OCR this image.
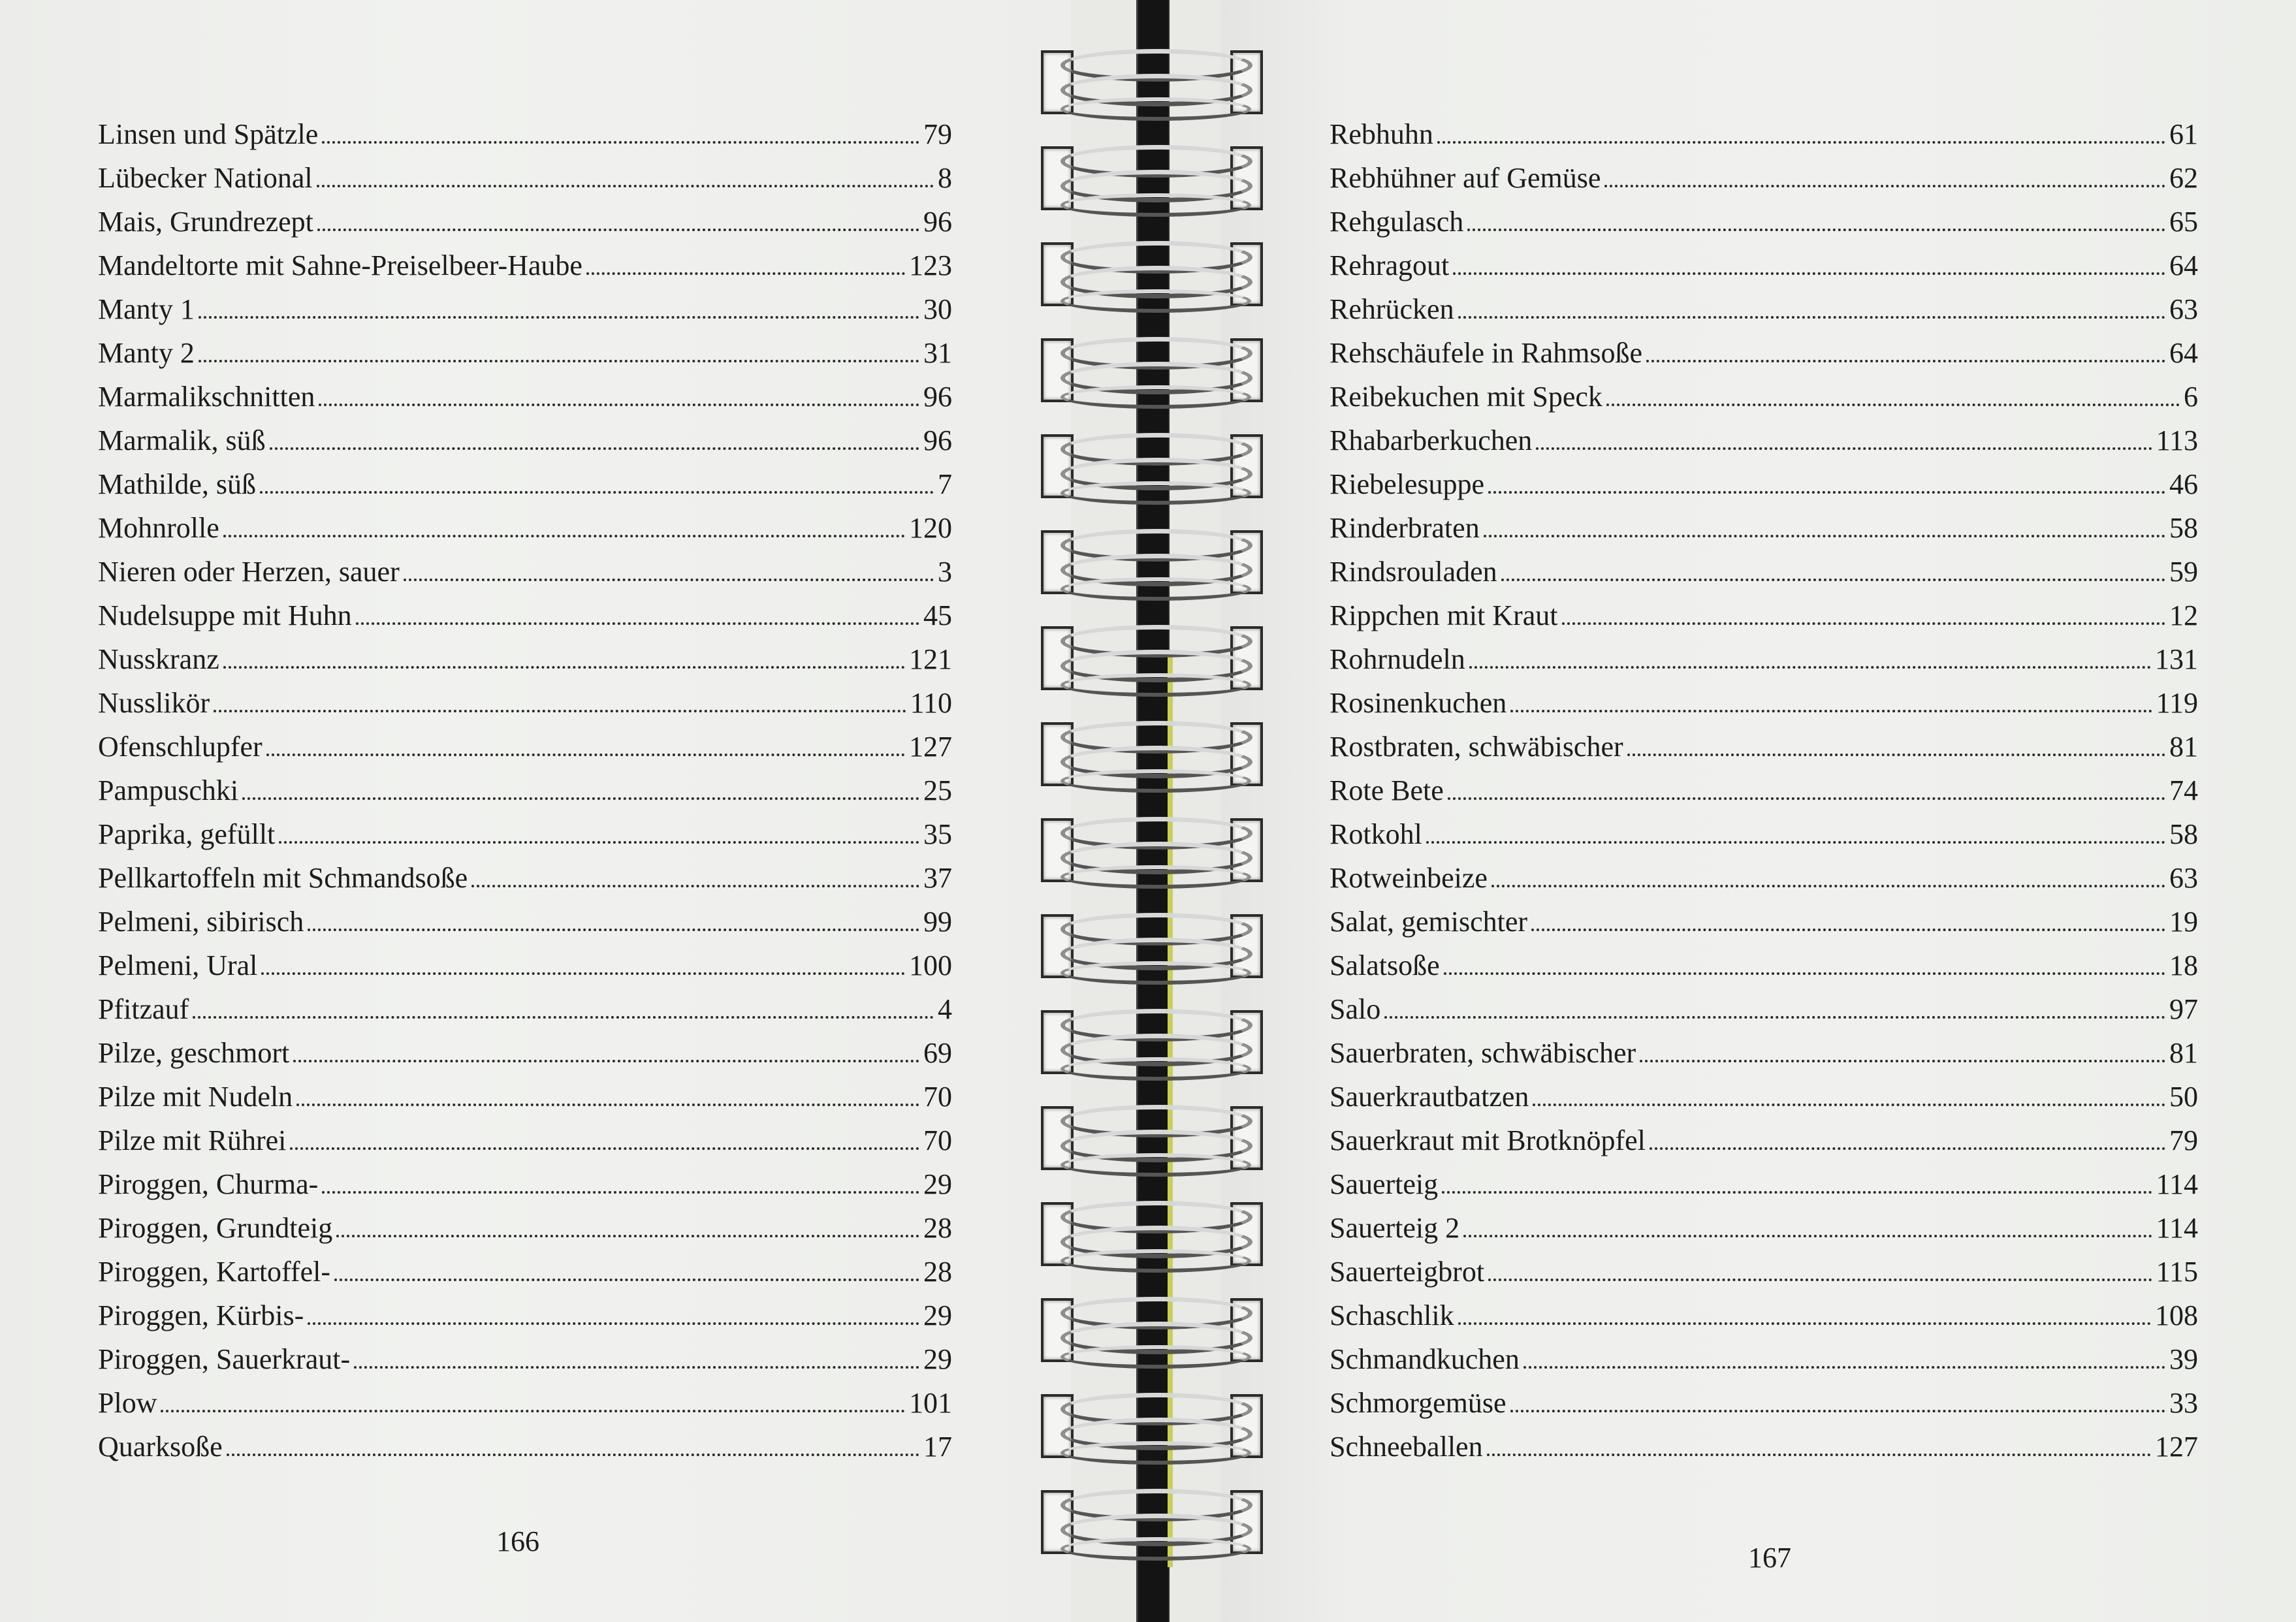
Linsen und Spätzle	79
Lübecker National	8
Mais, Grundrezept	96
Mandeltorte mit Sahne-Preiselbeer-Haube	123
Manty 1	30
Manty 2	31
Marmalikschnitten	96
Marmalik, süß	96
Mathilde, süß	7
Mohnrolle	120
Nieren oder Herzen, sauer	3
Nudelsuppe mit Huhn	45
Nusskranz	121
Nusslikör	110
Ofenschlupfer	127
Pampuschki	25
Paprika, gefüllt	35
Pellkartoffeln mit Schmandsoße	37
Pelmeni, sibirisch	99
Pelmeni, Ural	100
Pfitzauf	4
Pilze, geschmort	69
Pilze mit Nudeln	70
Pilze mit Rührei	70
Piroggen, Churma-	29
Piroggen, Grundteig	28
Piroggen, Kartoffel-	28
Piroggen, Kürbis-	29
Piroggen, Sauerkraut-	29
Plow	101
Quarksoße	17
166
Rebhuhn	61
Rebhühner auf Gemüse	62
Rehgulasch	65
Rehragout	64
Rehrücken	63
Rehschäufele in Rahmsoße	64
Reibekuchen mit Speck	6
Rhabarberkuchen	113
Riebelesuppe	46
Rinderbraten	58
Rindsrouladen	59
Rippchen mit Kraut	12
Rohrnudeln	131
Rosinenkuchen	119
Rostbraten, schwäbischer	81
Rote Bete	74
Rotkohl	58
Rotweinbeize	63
Salat, gemischter	19
Salatsoße	18
Salo	97
Sauerbraten, schwäbischer	81
Sauerkrautbatzen	50
Sauerkraut mit Brotknöpfel	79
Sauerteig	114
Sauerteig 2	114
Sauerteigbrot	115
Schaschlik	108
Schmandkuchen	39
Schmorgemüse	33
Schneeballen	127
167
